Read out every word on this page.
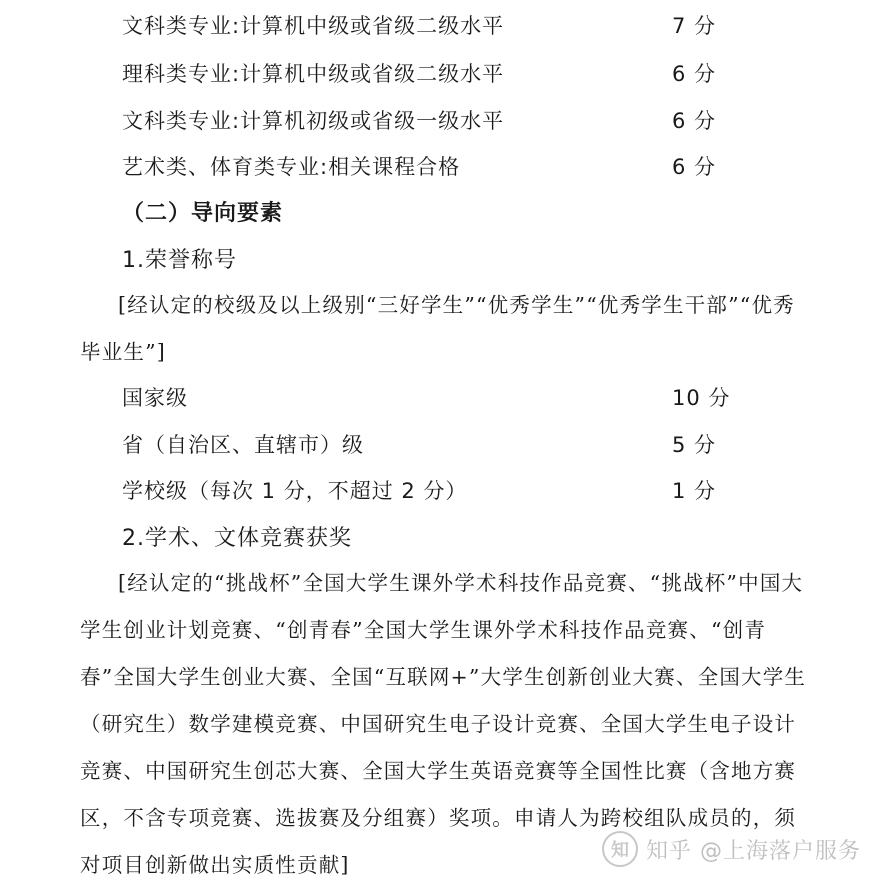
文科类专业:计算机中级或省级二级水平	7 分
理科类专业:计算机中级或省级二级水平	6 分
文科类专业:计算机初级或省级一级水平	6 分
艺术类、体育类专业:相关课程合格	6 分
（二）导向要素
1.荣誉称号
[经认定的校级及以上级别“三好学生”“优秀学生”“优秀学生干部”“优秀毕业生”]
国家级	10 分
省（自治区、直辖市）级	5 分
学校级（每次 1 分，不超过 2 分）	1 分
2.学术、文体竞赛获奖
[经认定的“挑战杯”全国大学生课外学术科技作品竞赛、“挑战杯”中国大学生创业计划竞赛、“创青春”全国大学生课外学术科技作品竞赛、“创青春”全国大学生创业大赛、全国“互联网+”大学生创新创业大赛、全国大学生（研究生）数学建模竞赛、中国研究生电子设计竞赛、全国大学生电子设计竞赛、中国研究生创芯大赛、全国大学生英语竞赛等全国性比赛（含地方赛区，不含专项竞赛、选拔赛及分组赛）奖项。申请人为跨校组队成员的，须对项目创新做出实质性贡献]
知 知乎 @上海落户服务
